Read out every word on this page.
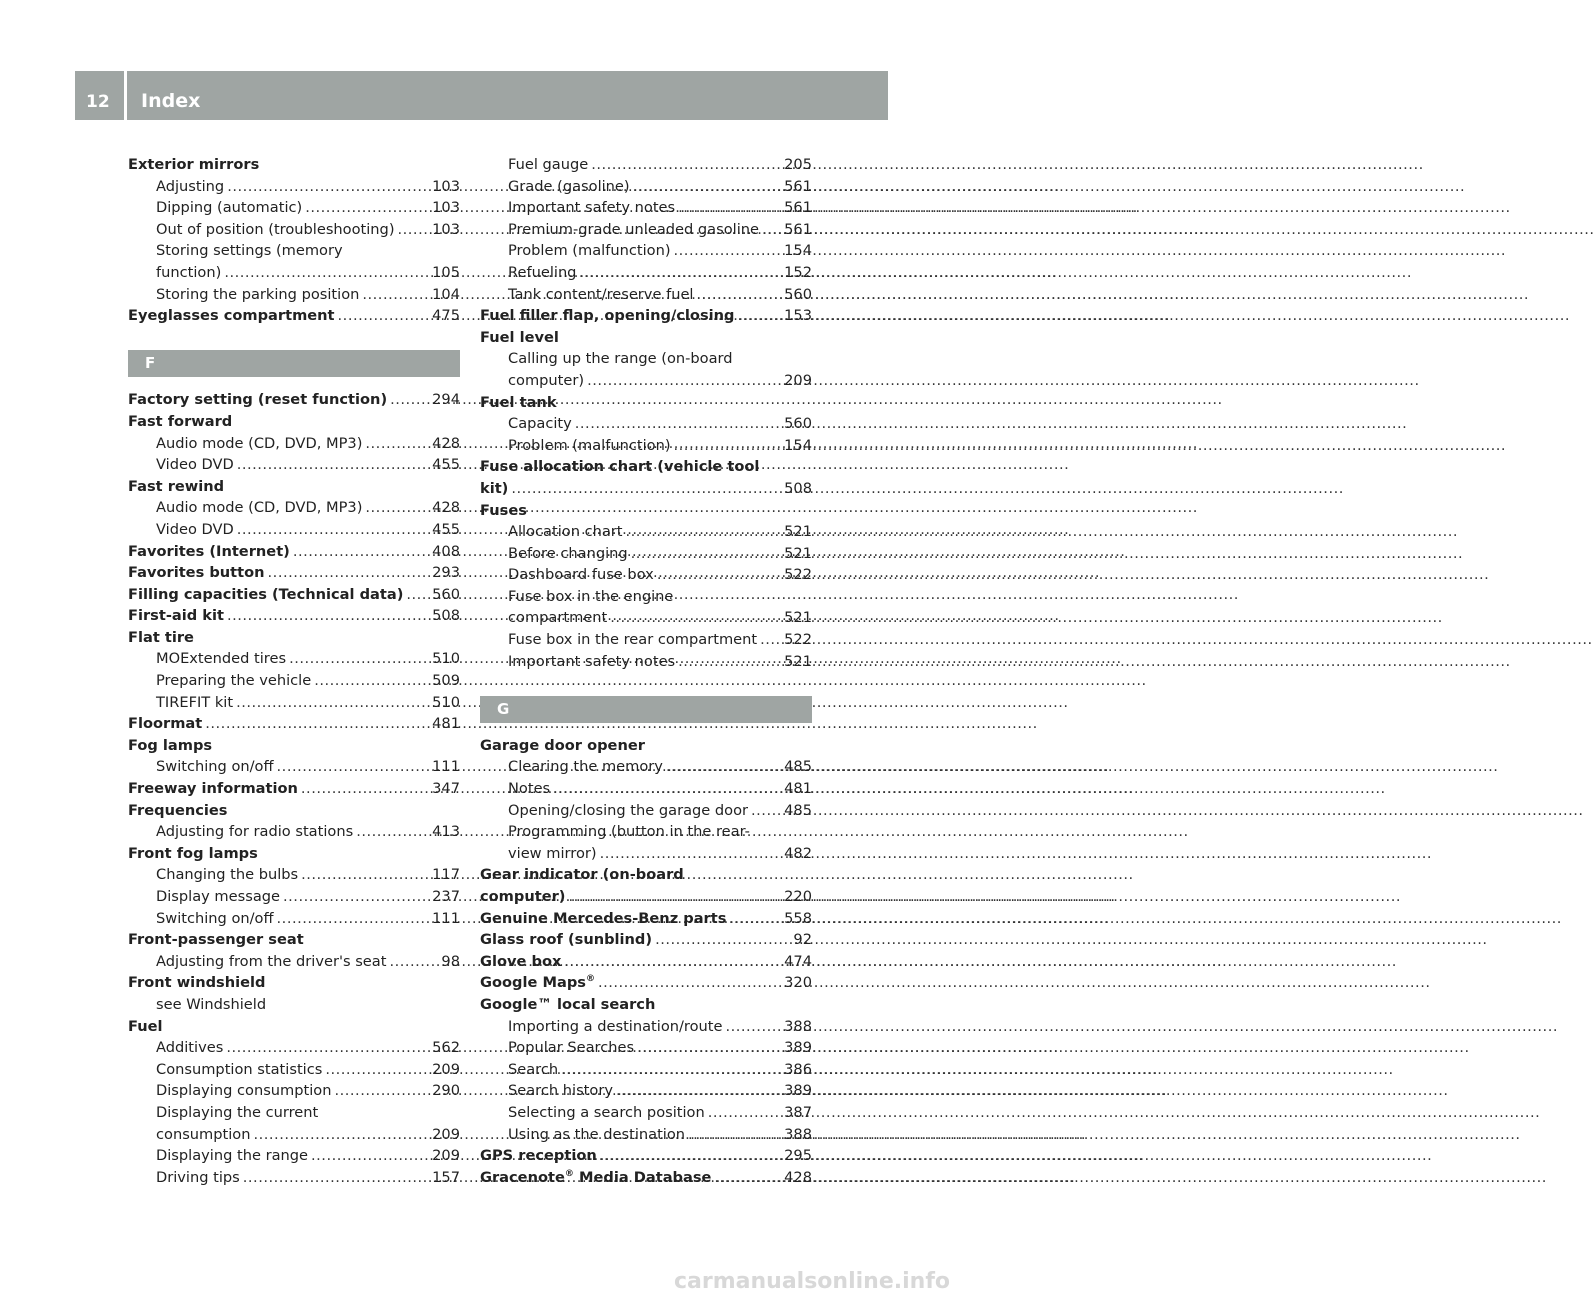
12 Index
Exterior mirrors
Adjusting .....	103
Dipping (automatic) .....	103
Out of position (troubleshooting) .....	103
Storing settings (memory
function) .....	105
Storing the parking position .....	104
Eyeglasses compartment .....	475
F
Factory setting (reset function) .....	294
Fast forward
Audio mode (CD, DVD, MP3) .....	428
Video DVD .....	455
Fast rewind
Audio mode (CD, DVD, MP3) .....	428
Video DVD .....	455
Favorites (Internet) .....	408
Favorites button .....	293
Filling capacities (Technical data) ..... 560
First-aid kit .....	508
Flat tire
MOExtended tires .....	510
Preparing the vehicle .....	509
TIREFIT kit .....	510
Floormat .....	481
Fog lamps
Switching on/off .....	111
Freeway information .....	347
Frequencies
Adjusting for radio stations .....	413
Front fog lamps
Changing the bulbs .....	117
Display message .....	237
Switching on/off .....	111
Front-passenger seat
Adjusting from the driver's seat .....	98
Front windshield
see Windshield
Fuel
Additives .....	562
Consumption statistics .....	209
Displaying consumption .....	290
Displaying the current
consumption .....	209
Displaying the range .....	209
Driving tips .....	157
Fuel gauge .....	205
Grade (gasoline) .....	561
Important safety notes .....	561
Premium-grade unleaded gasoline ..... 561
Problem (malfunction) .....	154
Refueling .....	152
Tank content/reserve fuel .....	560
Fuel filler flap, opening/closing .....	153
Fuel level
Calling up the range (on-board
computer) .....	209
Fuel tank
Capacity .....	560
Problem (malfunction) .....	154
Fuse allocation chart (vehicle tool
kit) .....	508
Fuses
Allocation chart .....	521
Before changing .....	521
Dashboard fuse box .....	522
Fuse box in the engine
compartment .....	521
Fuse box in the rear compartment ..... 522
Important safety notes .....	521
G
Garage door opener
Clearing the memory .....	485
Notes .....	481
Opening/closing the garage door ..... 485
Programming (button in the rear-
view mirror) .....	482
Gear indicator (on-board
computer) .....	220
Genuine Mercedes-Benz parts .....	558
Glass roof (sunblind) .....	92
Glove box .....	474
Google Maps® .....	320
Google™ local search
Importing a destination/route .....	388
Popular Searches .....	389
Search .....	386
Search history .....	389
Selecting a search position .....	387
Using as the destination .....	388
GPS reception .....	295
Gracenote® Media Database .....	428
carmanualsonline.info
